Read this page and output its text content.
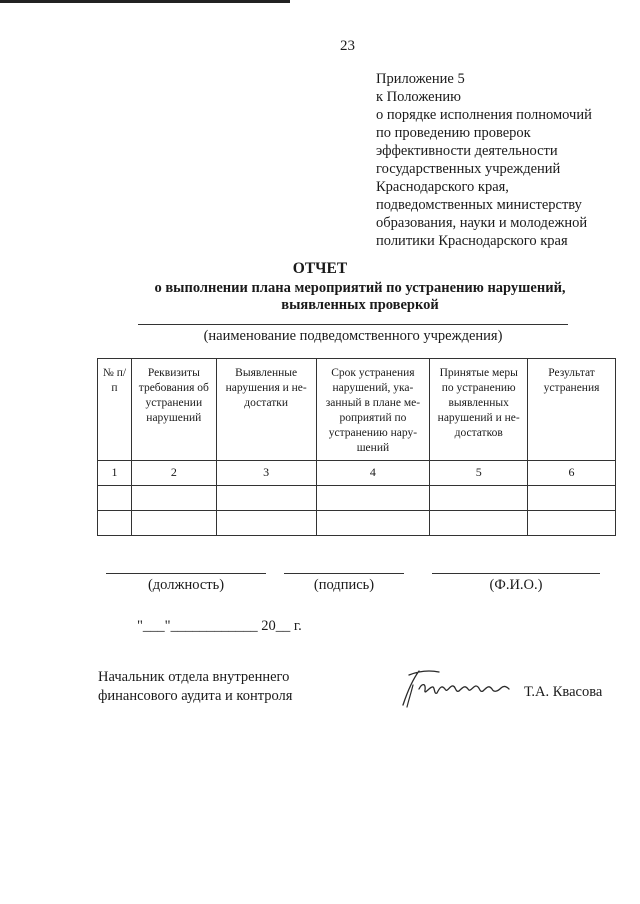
23
Приложение 5
к Положению
о порядке исполнения полномочий
по проведению проверок
эффективности деятельности
государственных учреждений
Краснодарского края,
подведомственных министерству
образования, науки и молодежной
политики Краснодарского края
ОТЧЕТ
о выполнении плана мероприятий по устранению нарушений,
выявленных проверкой
(наименование подведомственного учреждения)
№ п/п	Реквизиты требования об устранении нарушений	Выявленные нарушения и не-достатки	Срок устранения нарушений, ука-занный в плане ме-роприятий по устранению нару-шений	Принятые меры по устранению выявленных нарушений и не-достатков	Результат устранения
1	2	3	4	5	6

(должность)	(подпись)	(Ф.И.О.)
"___"____________ 20__ г.
Начальник отдела внутреннего
финансового аудита и контроля	Т.А. Квасова
